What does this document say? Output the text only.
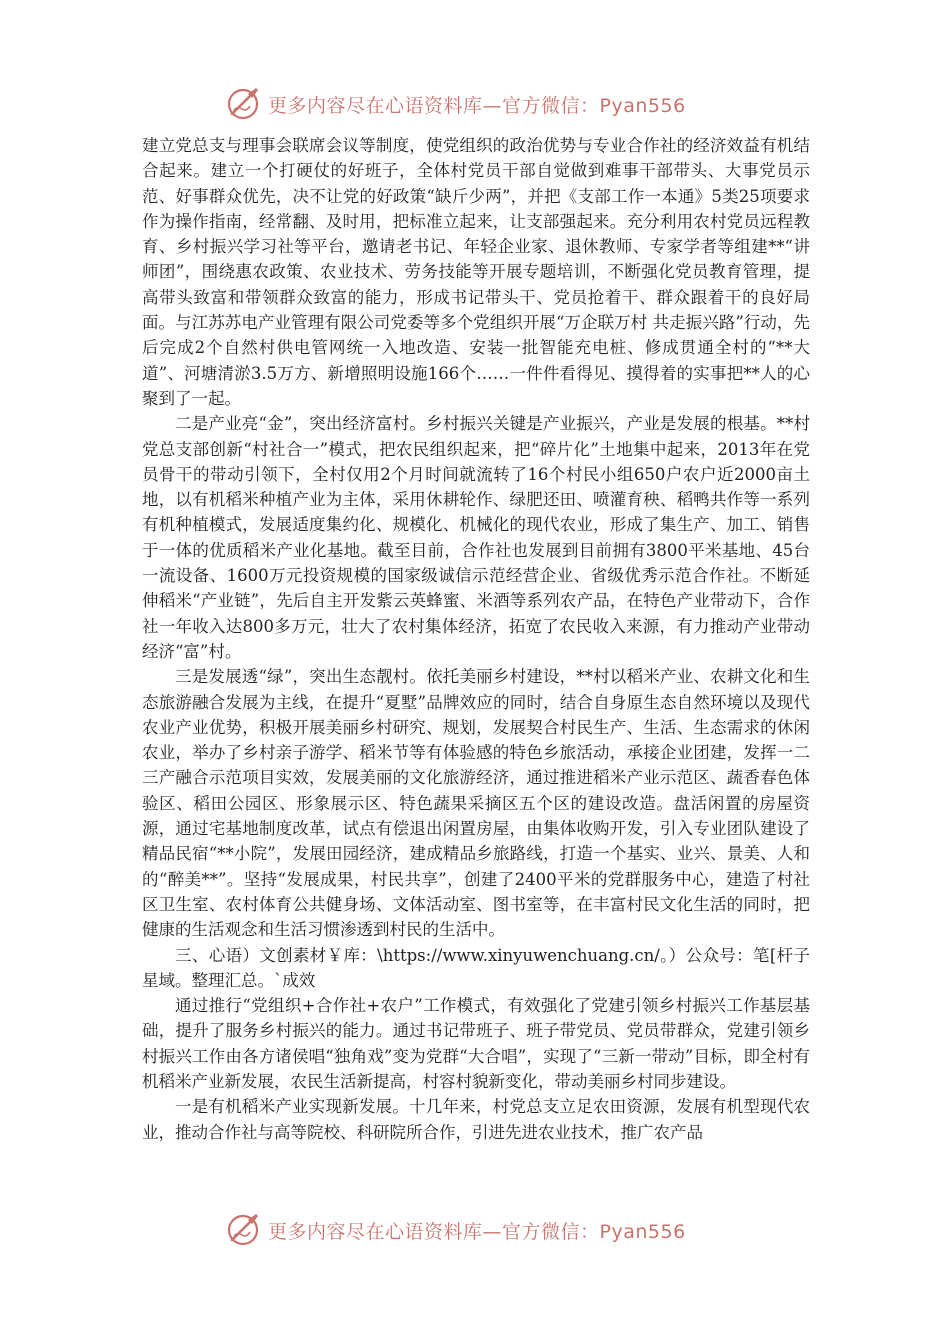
更多内容尽在心语资料库—官方微信：Pyan556

建立党总支与理事会联席会议等制度，使党组织的政治优势与专业合作社的经济效益有机结合起来。建立一个打硬仗的好班子，全体村党员干部自觉做到难事干部带头、大事党员示范、好事群众优先，决不让党的好政策“缺斤少两”，并把《支部工作一本通》5类25项要求作为操作指南，经常翻、及时用，把标准立起来，让支部强起来。充分利用农村党员远程教育、乡村振兴学习社等平台，邀请老书记、年轻企业家、退休教师、专家学者等组建**“讲师团”，围绕惠农政策、农业技术、劳务技能等开展专题培训，不断强化党员教育管理，提高带头致富和带领群众致富的能力，形成书记带头干、党员抢着干、群众跟着干的良好局面。与江苏苏电产业管理有限公司党委等多个党组织开展“万企联万村 共走振兴路”行动，先后完成2个自然村供电管网统一入地改造、安装一批智能充电桩、修成贯通全村的“**大道”、河塘清淤3.5万方、新增照明设施166个……一件件看得见、摸得着的实事把**人的心聚到了一起。

二是产业亮“金”，突出经济富村。乡村振兴关键是产业振兴，产业是发展的根基。**村党总支部创新“村社合一”模式，把农民组织起来，把“碎片化”土地集中起来，2013年在党员骨干的带动引领下，全村仅用2个月时间就流转了16个村民小组650户农户近2000亩土地，以有机稻米种植产业为主体，采用休耕轮作、绿肥还田、喷灌育秧、稻鸭共作等一系列有机种植模式，发展适度集约化、规模化、机械化的现代农业，形成了集生产、加工、销售于一体的优质稻米产业化基地。截至目前，合作社也发展到目前拥有3800平米基地、45台一流设备、1600万元投资规模的国家级诚信示范经营企业、省级优秀示范合作社。不断延伸稻米“产业链”，先后自主开发紫云英蜂蜜、米酒等系列农产品，在特色产业带动下，合作社一年收入达800多万元，壮大了农村集体经济，拓宽了农民收入来源，有力推动产业带动经济“富”村。

三是发展透“绿”，突出生态靓村。依托美丽乡村建设，**村以稻米产业、农耕文化和生态旅游融合发展为主线，在提升“夏墅”品牌效应的同时，结合自身原生态自然环境以及现代农业产业优势，积极开展美丽乡村研究、规划，发展契合村民生产、生活、生态需求的休闲农业，举办了乡村亲子游学、稻米节等有体验感的特色乡旅活动，承接企业团建，发挥一二三产融合示范项目实效，发展美丽的文化旅游经济，通过推进稻米产业示范区、蔬香春色体验区、稻田公园区、形象展示区、特色蔬果采摘区五个区的建设改造。盘活闲置的房屋资源，通过宅基地制度改革，试点有偿退出闲置房屋，由集体收购开发，引入专业团队建设了精品民宿“**小院”，发展田园经济，建成精品乡旅路线，打造一个基实、业兴、景美、人和的“醉美**”。坚持“发展成果，村民共享”，创建了2400平米的党群服务中心，建造了村社区卫生室、农村体育公共健身场、文体活动室、图书室等，在丰富村民文化生活的同时，把健康的生活观念和生活习惯渗透到村民的生活中。

三、心语）文创素材￥库：\https://www.xinyuwenchuang.cn/。）公众号：笔[杆子星域。整理汇总。`成效

通过推行“党组织+合作社+农户”工作模式，有效强化了党建引领乡村振兴工作基层基础，提升了服务乡村振兴的能力。通过书记带班子、班子带党员、党员带群众，党建引领乡村振兴工作由各方诸侯唱“独角戏”变为党群“大合唱”，实现了“三新一带动”目标，即全村有机稻米产业新发展，农民生活新提高，村容村貌新变化，带动美丽乡村同步建设。

一是有机稻米产业实现新发展。十几年来，村党总支立足农田资源，发展有机型现代农业，推动合作社与高等院校、科研院所合作，引进先进农业技术，推广农产品

更多内容尽在心语资料库—官方微信：Pyan556
